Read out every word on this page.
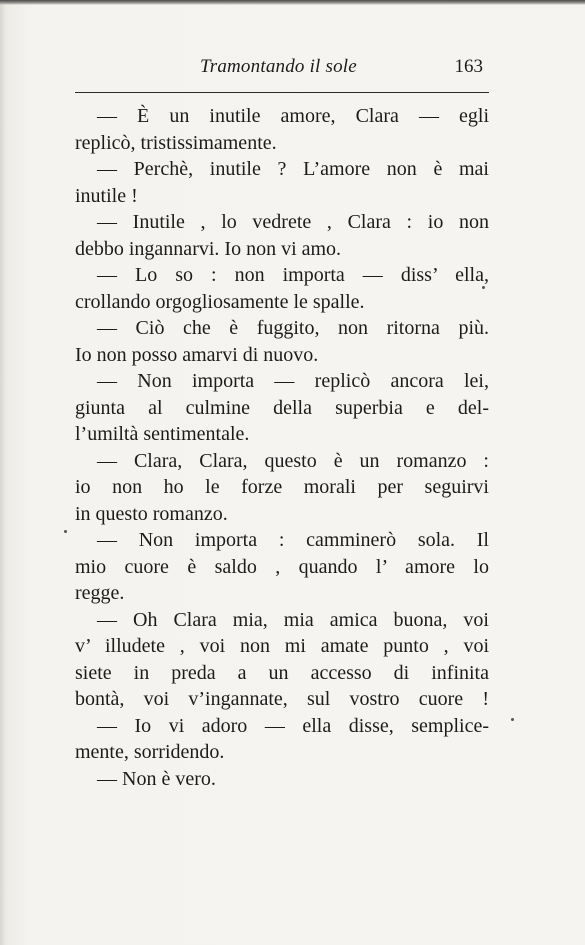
Tramontando il sole	163
— È un inutile amore, Clara — egli
replicò, tristissimamente.
— Perchè, inutile ? L’amore non è mai
inutile !
— Inutile , lo vedrete , Clara : io non
debbo ingannarvi. Io non vi amo.
— Lo so : non importa — diss’ ella,
crollando orgogliosamente le spalle.
— Ciò che è fuggito, non ritorna più.
Io non posso amarvi di nuovo.
— Non importa — replicò ancora lei,
giunta al culmine della superbia e del-
l’umiltà sentimentale.
— Clara, Clara, questo è un romanzo :
io non ho le forze morali per seguirvi
in questo romanzo.
— Non importa : camminerò sola. Il
mio cuore è saldo , quando l’ amore lo
regge.
— Oh Clara mia, mia amica buona, voi
v’ illudete , voi non mi amate punto , voi
siete in preda a un accesso di infinita
bontà, voi v’ingannate, sul vostro cuore !
— Io vi adoro — ella disse, semplice-
mente, sorridendo.
— Non è vero.
